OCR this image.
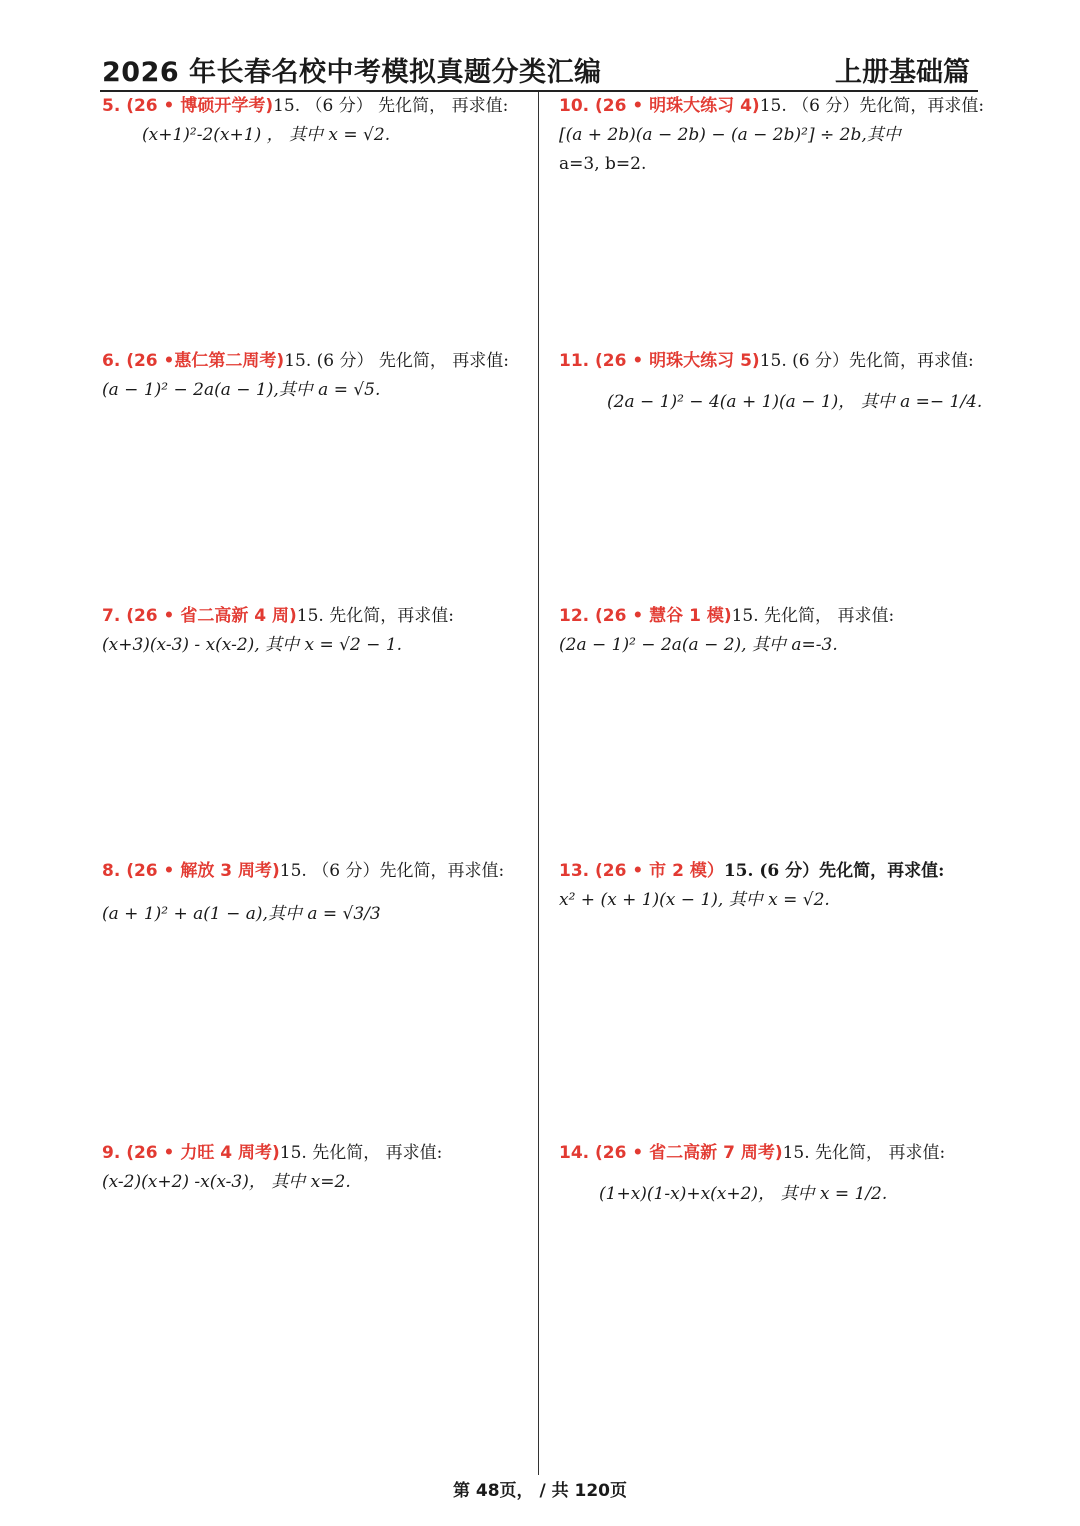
2026 年长春名校中考模拟真题分类汇编	上册基础篇
5. (26 • 博硕开学考)15. （6 分） 先化简， 再求值:
(x+1)²-2(x+1) ， 其中 x = √2.
6. (26 •惠仁第二周考)15. (6 分） 先化简， 再求值:
(a − 1)² − 2a(a − 1),其中 a = √5.
7. (26 • 省二高新 4 周)15. 先化简，再求值:
(x+3)(x-3) - x(x-2), 其中 x = √2 − 1.
8. (26 • 解放 3 周考)15. （6 分）先化简，再求值:
(a + 1)² + a(1 − a),其中 a = √3/3
9. (26 • 力旺 4 周考)15. 先化简， 再求值:
(x-2)(x+2) -x(x-3)， 其中 x=2.
10. (26 • 明珠大练习 4)15. （6 分）先化简，再求值:
[(a + 2b)(a − 2b) − (a − 2b)²] ÷ 2b,其中
a=3, b=2.
11. (26 • 明珠大练习 5)15. (6 分）先化简，再求值:
(2a − 1)² − 4(a + 1)(a − 1)， 其中 a =− 1/4.
12. (26 • 慧谷 1 模)15. 先化简， 再求值:
(2a − 1)² − 2a(a − 2), 其中 a=-3.
13. (26 • 市 2 模）15. (6 分）先化简，再求值:
x² + (x + 1)(x − 1), 其中 x = √2.
14. (26 • 省二高新 7 周考)15. 先化简， 再求值:
(1+x)(1-x)+x(x+2)， 其中 x = 1/2.
第 48页， / 共 120页
